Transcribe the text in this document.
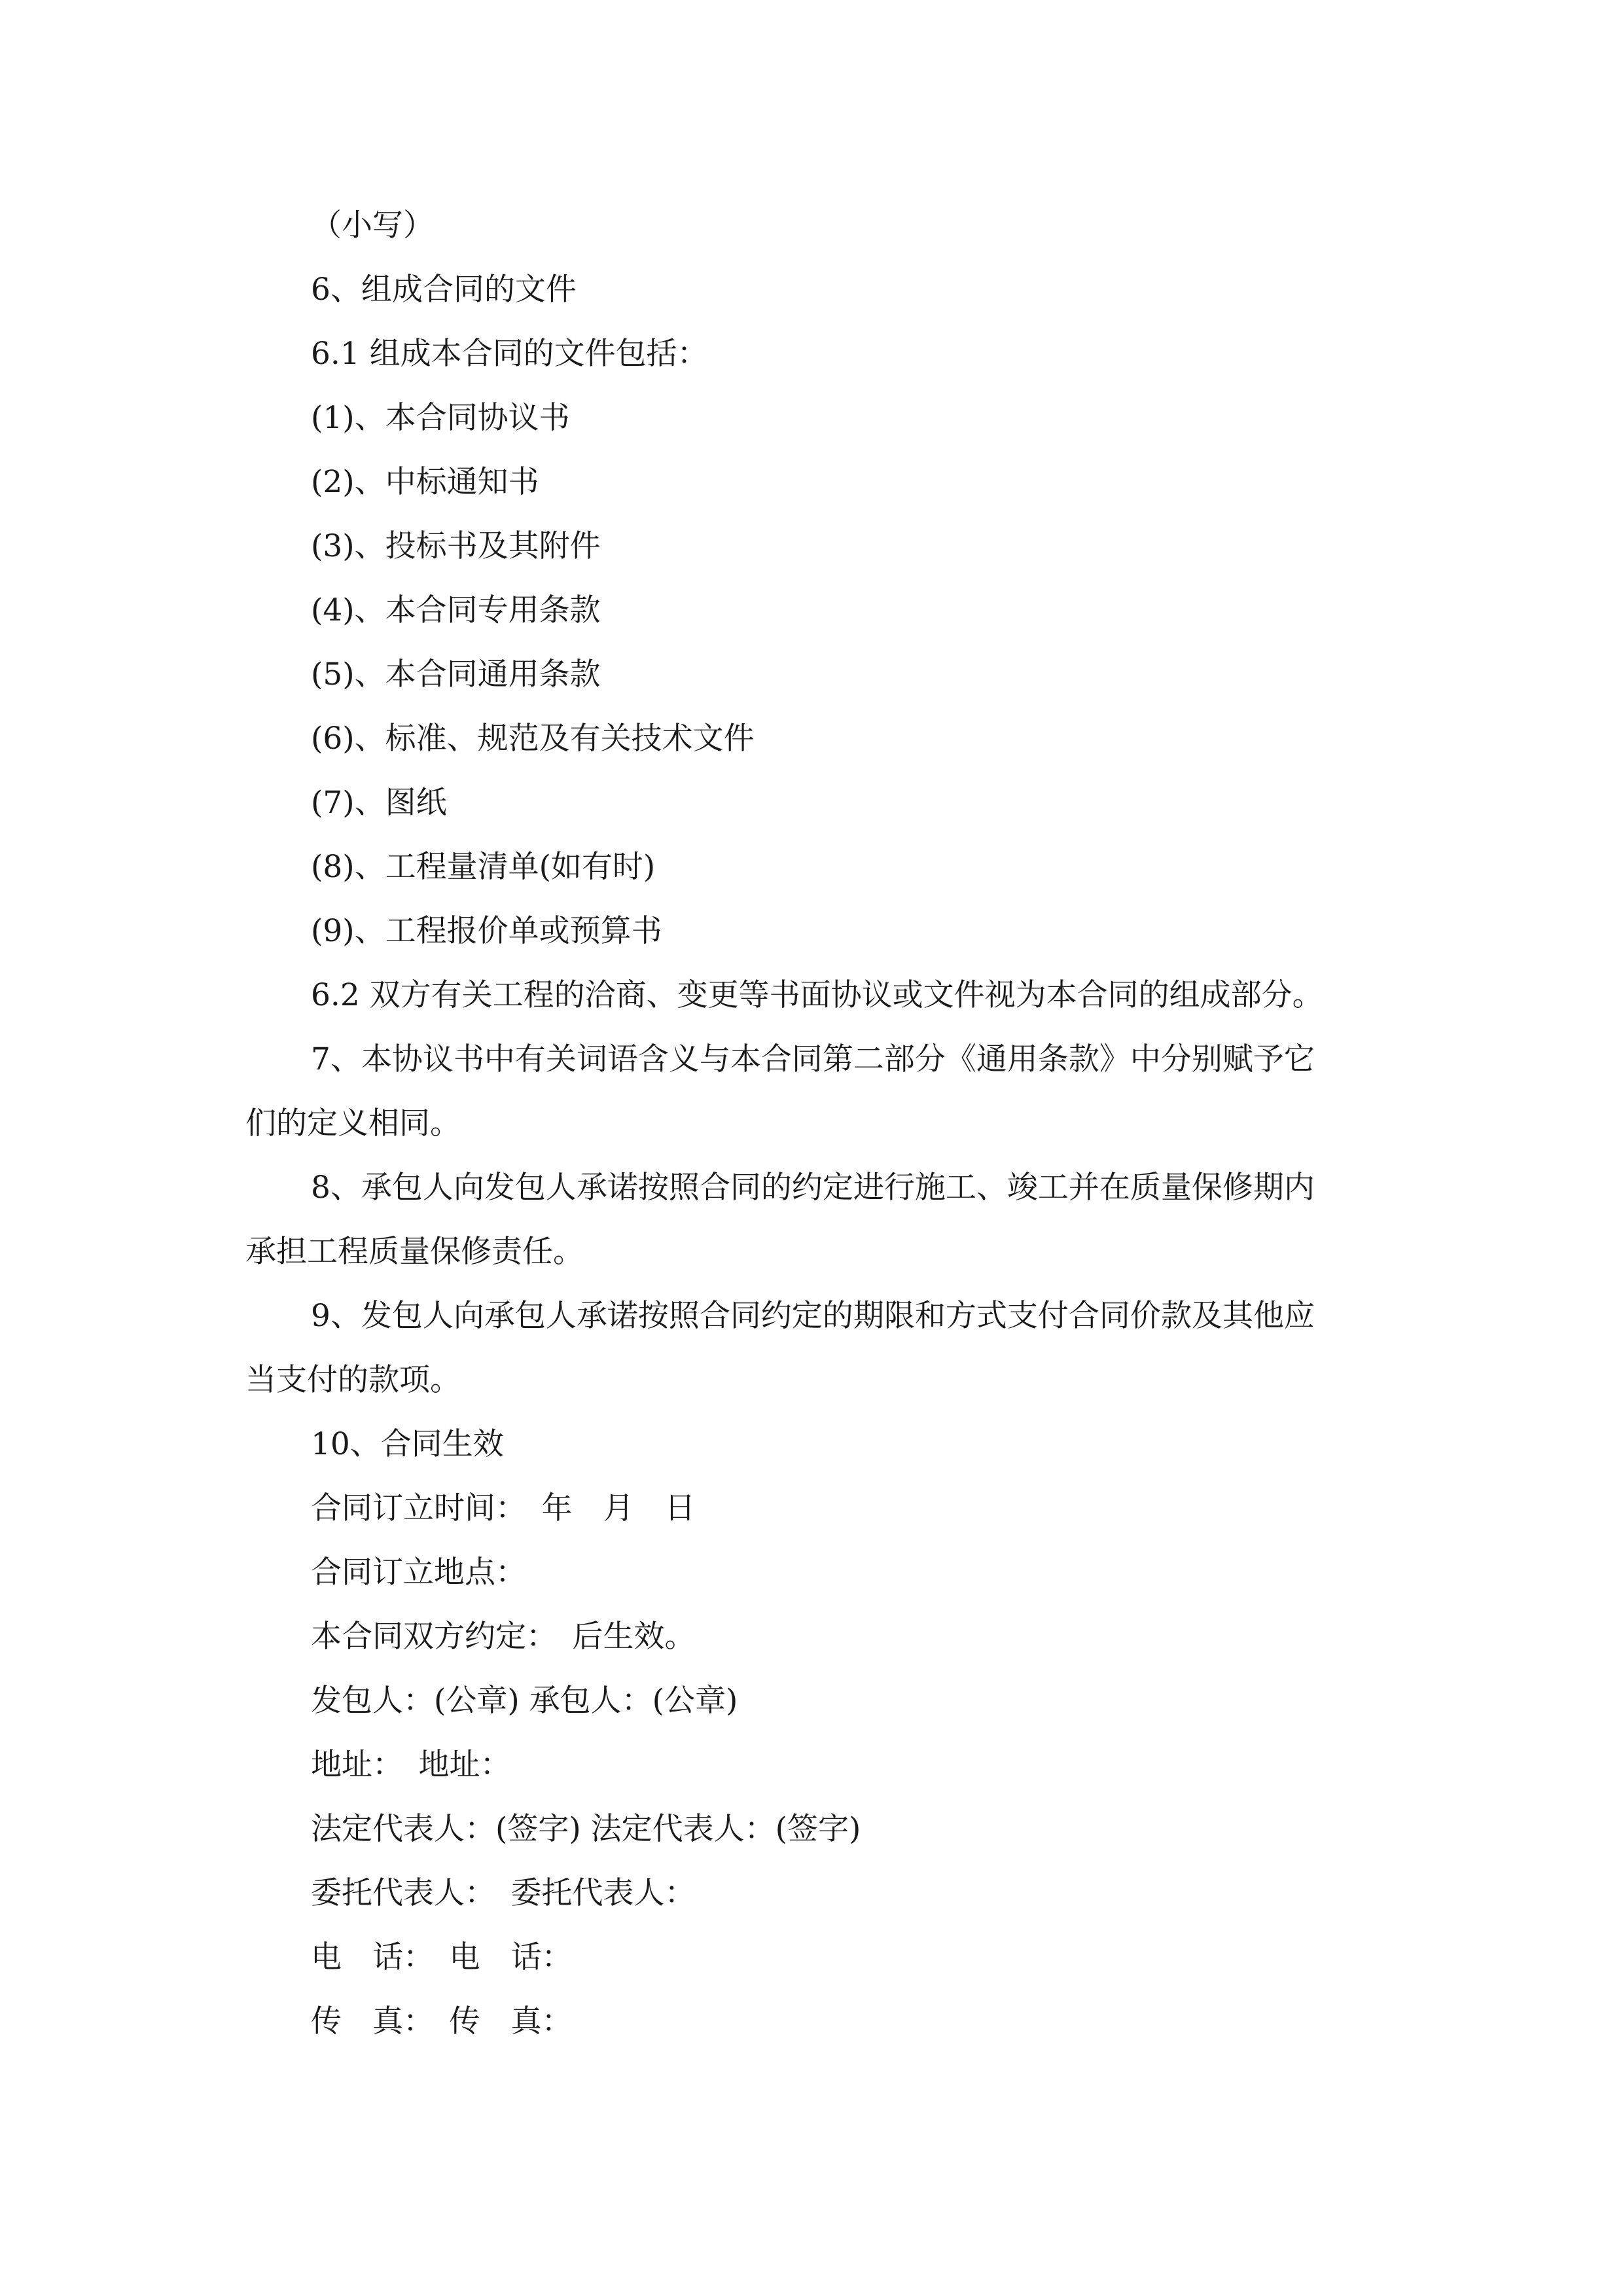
（小写）
6、组成合同的文件
6.1 组成本合同的文件包括：
(1)、本合同协议书
(2)、中标通知书
(3)、投标书及其附件
(4)、本合同专用条款
(5)、本合同通用条款
(6)、标准、规范及有关技术文件
(7)、图纸
(8)、工程量清单(如有时)
(9)、工程报价单或预算书
6.2 双方有关工程的洽商、变更等书面协议或文件视为本合同的组成部分。
7、本协议书中有关词语含义与本合同第二部分《通用条款》中分别赋予它
们的定义相同。
8、承包人向发包人承诺按照合同的约定进行施工、竣工并在质量保修期内
承担工程质量保修责任。
9、发包人向承包人承诺按照合同约定的期限和方式支付合同价款及其他应
当支付的款项。
10、合同生效
合同订立时间：　年　月　日
合同订立地点：
本合同双方约定：　后生效。
发包人：(公章) 承包人：(公章)
地址：　地址：
法定代表人：(签字) 法定代表人：(签字)
委托代表人：　委托代表人：
电　话：　电　话：
传　真：　传　真：
